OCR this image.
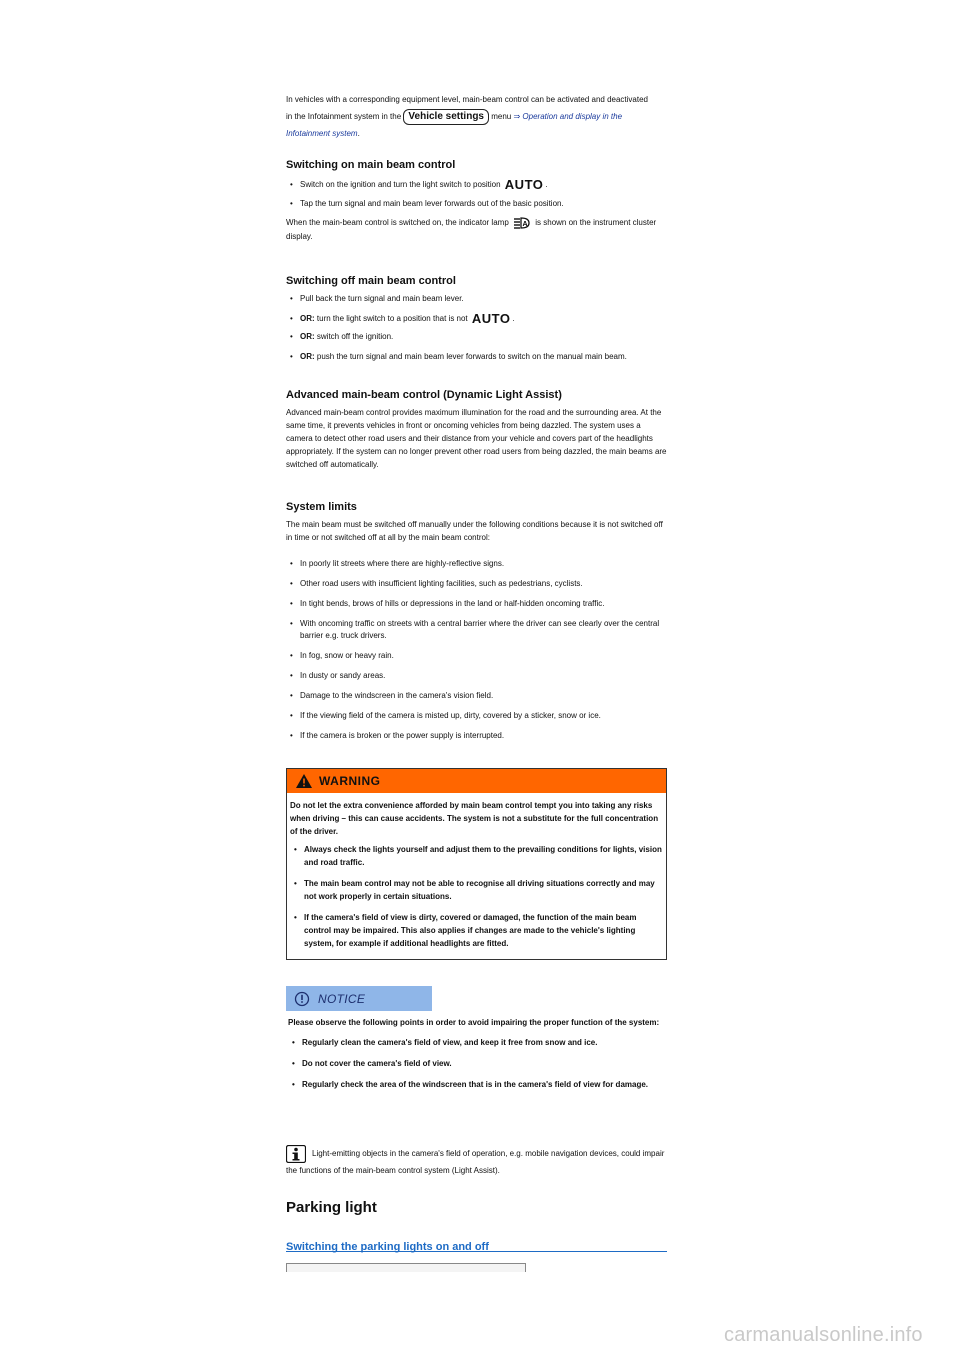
In vehicles with a corresponding equipment level, main-beam control can be activated and deactivated in the Infotainment system in the Vehicle settings menu ⇒ Operation and display in the Infotainment system.

Switching on main beam control

• Switch on the ignition and turn the light switch to position AUTO .
• Tap the turn signal and main beam lever forwards out of the basic position.

When the main-beam control is switched on, the indicator lamp A is shown on the instrument cluster display.

Switching off main beam control

• Pull back the turn signal and main beam lever.
• OR: turn the light switch to a position that is not AUTO .
• OR: switch off the ignition.
• OR: push the turn signal and main beam lever forwards to switch on the manual main beam.

Advanced main-beam control (Dynamic Light Assist)

Advanced main-beam control provides maximum illumination for the road and the surrounding area. At the same time, it prevents vehicles in front or oncoming vehicles from being dazzled. The system uses a camera to detect other road users and their distance from your vehicle and covers part of the headlights appropriately. If the system can no longer prevent other road users from being dazzled, the main beams are switched off automatically.

System limits

The main beam must be switched off manually under the following conditions because it is not switched off in time or not switched off at all by the main beam control:

• In poorly lit streets where there are highly-reflective signs.
• Other road users with insufficient lighting facilities, such as pedestrians, cyclists.
• In tight bends, brows of hills or depressions in the land or half-hidden oncoming traffic.
• With oncoming traffic on streets with a central barrier where the driver can see clearly over the central barrier e.g. truck drivers.
• In fog, snow or heavy rain.
• In dusty or sandy areas.
• Damage to the windscreen in the camera's vision field.
• If the viewing field of the camera is misted up, dirty, covered by a sticker, snow or ice.
• If the camera is broken or the power supply is interrupted.
WARNING

Do not let the extra convenience afforded by main beam control tempt you into taking any risks when driving – this can cause accidents. The system is not a substitute for the full concentration of the driver.

• Always check the lights yourself and adjust them to the prevailing conditions for lights, vision and road traffic.
• The main beam control may not be able to recognise all driving situations correctly and may not work properly in certain situations.
• If the camera's field of view is dirty, covered or damaged, the function of the main beam control may be impaired. This also applies if changes are made to the vehicle's lighting system, for example if additional headlights are fitted.
NOTICE

Please observe the following points in order to avoid impairing the proper function of the system:

• Regularly clean the camera's field of view, and keep it free from snow and ice.
• Do not cover the camera's field of view.
• Regularly check the area of the windscreen that is in the camera's field of view for damage.

Light-emitting objects in the camera's field of operation, e.g. mobile navigation devices, could impair the functions of the main-beam control system (Light Assist).

Parking light
Switching the parking lights on and off
carmanualsonline.info
